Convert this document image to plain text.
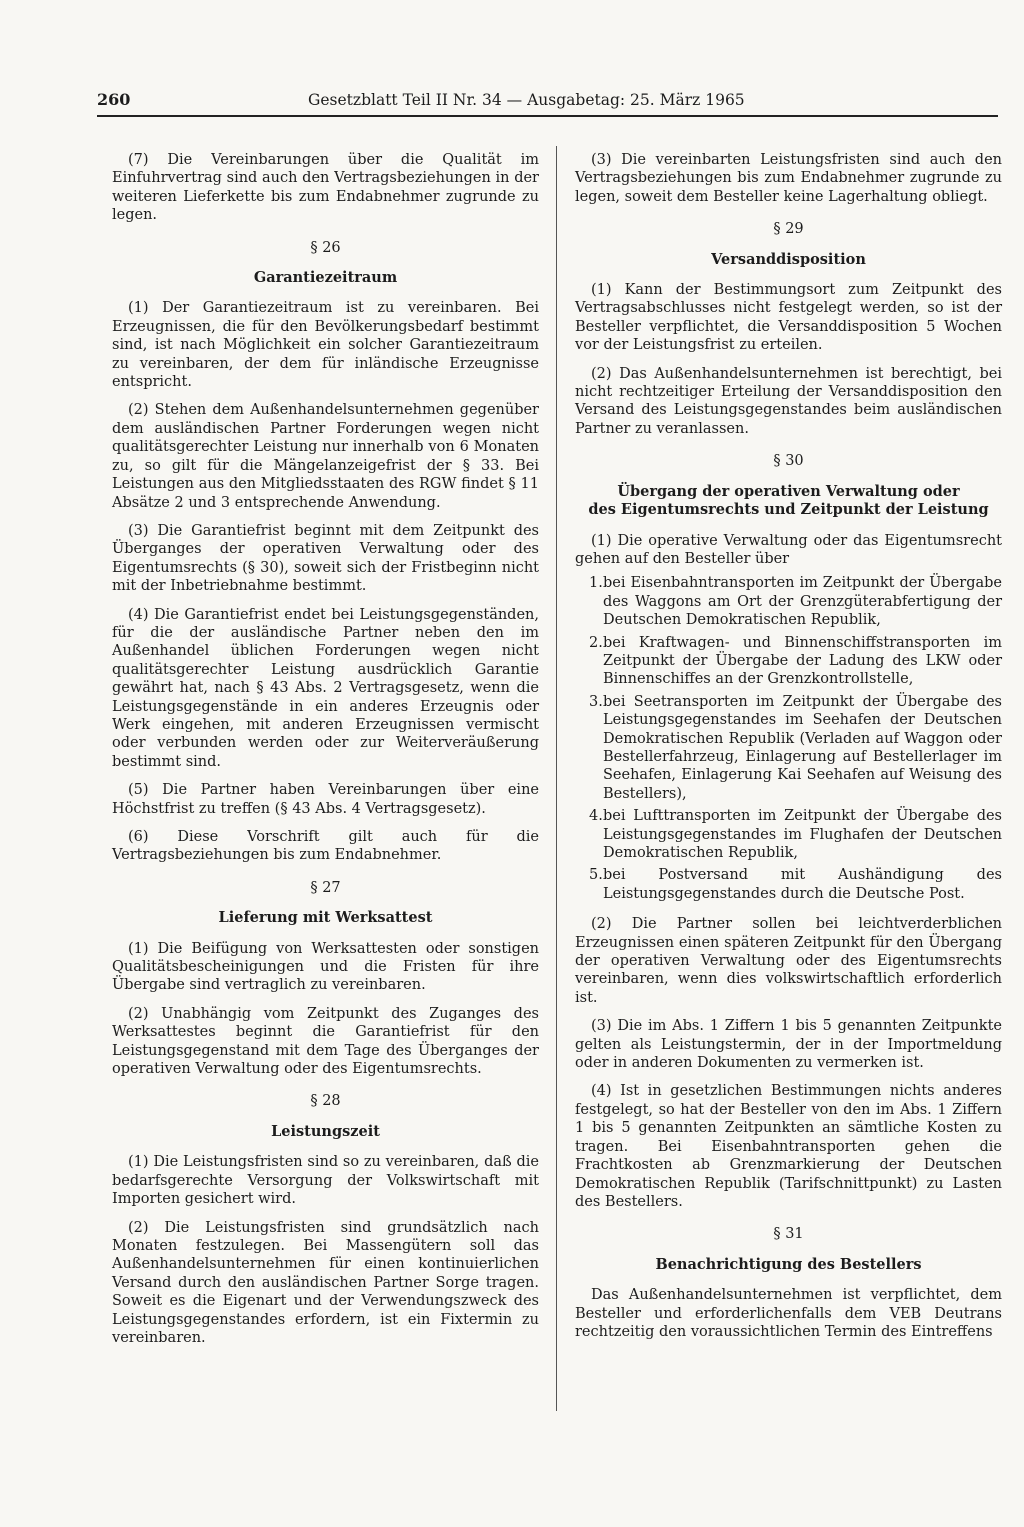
260	Gesetzblatt Teil II Nr. 34 — Ausgabetag: 25. März 1965

(7) Die Vereinbarungen über die Qualität im Einfuhrvertrag sind auch den Vertragsbeziehungen in der weiteren Lieferkette bis zum Endabnehmer zugrunde zu legen.

§ 26
Garantiezeitraum

(1) Der Garantiezeitraum ist zu vereinbaren. Bei Erzeugnissen, die für den Bevölkerungsbedarf bestimmt sind, ist nach Möglichkeit ein solcher Garantiezeitraum zu vereinbaren, der dem für inländische Erzeugnisse entspricht.

(2) Stehen dem Außenhandelsunternehmen gegenüber dem ausländischen Partner Forderungen wegen nicht qualitätsgerechter Leistung nur innerhalb von 6 Monaten zu, so gilt für die Mängelanzeigefrist der § 33. Bei Leistungen aus den Mitgliedsstaaten des RGW findet § 11 Absätze 2 und 3 entsprechende Anwendung.

(3) Die Garantiefrist beginnt mit dem Zeitpunkt des Überganges der operativen Verwaltung oder des Eigentumsrechts (§ 30), soweit sich der Fristbeginn nicht mit der Inbetriebnahme bestimmt.

(4) Die Garantiefrist endet bei Leistungsgegenständen, für die der ausländische Partner neben den im Außenhandel üblichen Forderungen wegen nicht qualitätsgerechter Leistung ausdrücklich Garantie gewährt hat, nach § 43 Abs. 2 Vertragsgesetz, wenn die Leistungsgegenstände in ein anderes Erzeugnis oder Werk eingehen, mit anderen Erzeugnissen vermischt oder verbunden werden oder zur Weiterveräußerung bestimmt sind.

(5) Die Partner haben Vereinbarungen über eine Höchstfrist zu treffen (§ 43 Abs. 4 Vertragsgesetz).

(6) Diese Vorschrift gilt auch für die Vertragsbeziehungen bis zum Endabnehmer.

§ 27
Lieferung mit Werksattest

(1) Die Beifügung von Werksattesten oder sonstigen Qualitätsbescheinigungen und die Fristen für ihre Übergabe sind vertraglich zu vereinbaren.

(2) Unabhängig vom Zeitpunkt des Zuganges des Werksattestes beginnt die Garantiefrist für den Leistungsgegenstand mit dem Tage des Überganges der operativen Verwaltung oder des Eigentumsrechts.

§ 28
Leistungszeit

(1) Die Leistungsfristen sind so zu vereinbaren, daß die bedarfsgerechte Versorgung der Volkswirtschaft mit Importen gesichert wird.

(2) Die Leistungsfristen sind grundsätzlich nach Monaten festzulegen. Bei Massengütern soll das Außenhandelsunternehmen für einen kontinuierlichen Versand durch den ausländischen Partner Sorge tragen. Soweit es die Eigenart und der Verwendungszweck des Leistungsgegenstandes erfordern, ist ein Fixtermin zu vereinbaren.

(3) Die vereinbarten Leistungsfristen sind auch den Vertragsbeziehungen bis zum Endabnehmer zugrunde zu legen, soweit dem Besteller keine Lagerhaltung obliegt.

§ 29
Versanddisposition

(1) Kann der Bestimmungsort zum Zeitpunkt des Vertragsabschlusses nicht festgelegt werden, so ist der Besteller verpflichtet, die Versanddisposition 5 Wochen vor der Leistungsfrist zu erteilen.

(2) Das Außenhandelsunternehmen ist berechtigt, bei nicht rechtzeitiger Erteilung der Versanddisposition den Versand des Leistungsgegenstandes beim ausländischen Partner zu veranlassen.

§ 30
Übergang der operativen Verwaltung oder
des Eigentumsrechts und Zeitpunkt der Leistung

(1) Die operative Verwaltung oder das Eigentumsrecht gehen auf den Besteller über

1. bei Eisenbahntransporten im Zeitpunkt der Übergabe des Waggons am Ort der Grenzgüterabfertigung der Deutschen Demokratischen Republik,
2. bei Kraftwagen- und Binnenschiffstransporten im Zeitpunkt der Übergabe der Ladung des LKW oder Binnenschiffes an der Grenzkontrollstelle,
3. bei Seetransporten im Zeitpunkt der Übergabe des Leistungsgegenstandes im Seehafen der Deutschen Demokratischen Republik (Verladen auf Waggon oder Bestellerfahrzeug, Einlagerung auf Bestellerlager im Seehafen, Einlagerung Kai Seehafen auf Weisung des Bestellers),
4. bei Lufttransporten im Zeitpunkt der Übergabe des Leistungsgegenstandes im Flughafen der Deutschen Demokratischen Republik,
5. bei Postversand mit Aushändigung des Leistungsgegenstandes durch die Deutsche Post.

(2) Die Partner sollen bei leichtverderblichen Erzeugnissen einen späteren Zeitpunkt für den Übergang der operativen Verwaltung oder des Eigentumsrechts vereinbaren, wenn dies volkswirtschaftlich erforderlich ist.

(3) Die im Abs. 1 Ziffern 1 bis 5 genannten Zeitpunkte gelten als Leistungstermin, der in der Importmeldung oder in anderen Dokumenten zu vermerken ist.

(4) Ist in gesetzlichen Bestimmungen nichts anderes festgelegt, so hat der Besteller von den im Abs. 1 Ziffern 1 bis 5 genannten Zeitpunkten an sämtliche Kosten zu tragen. Bei Eisenbahntransporten gehen die Frachtkosten ab Grenzmarkierung der Deutschen Demokratischen Republik (Tarifschnittpunkt) zu Lasten des Bestellers.

§ 31
Benachrichtigung des Bestellers

Das Außenhandelsunternehmen ist verpflichtet, dem Besteller und erforderlichenfalls dem VEB Deutrans rechtzeitig den voraussichtlichen Termin des Eintreffens
